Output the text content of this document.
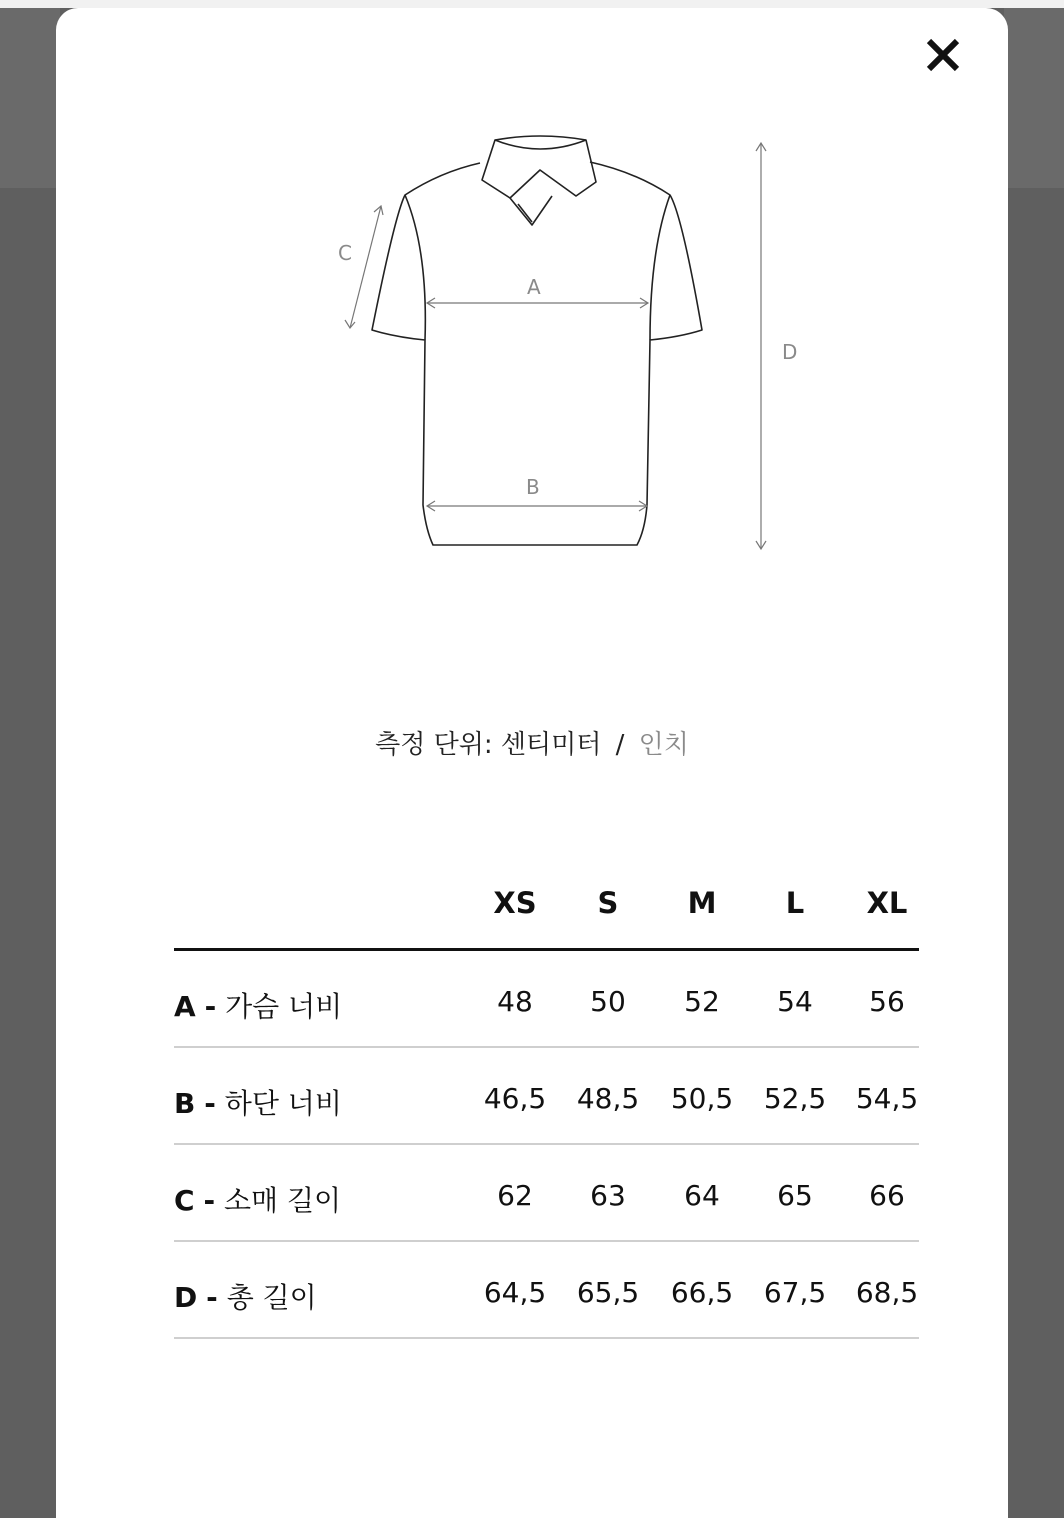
A
B
C
D
측정 단위: 센티미터 / 인치
XS	S	M	L	XL
A - 가슴 너비	48	50	52	54	56
B - 하단 너비	46,5	48,5	50,5	52,5	54,5
C - 소매 길이	62	63	64	65	66
D - 총 길이	64,5	65,5	66,5	67,5	68,5
